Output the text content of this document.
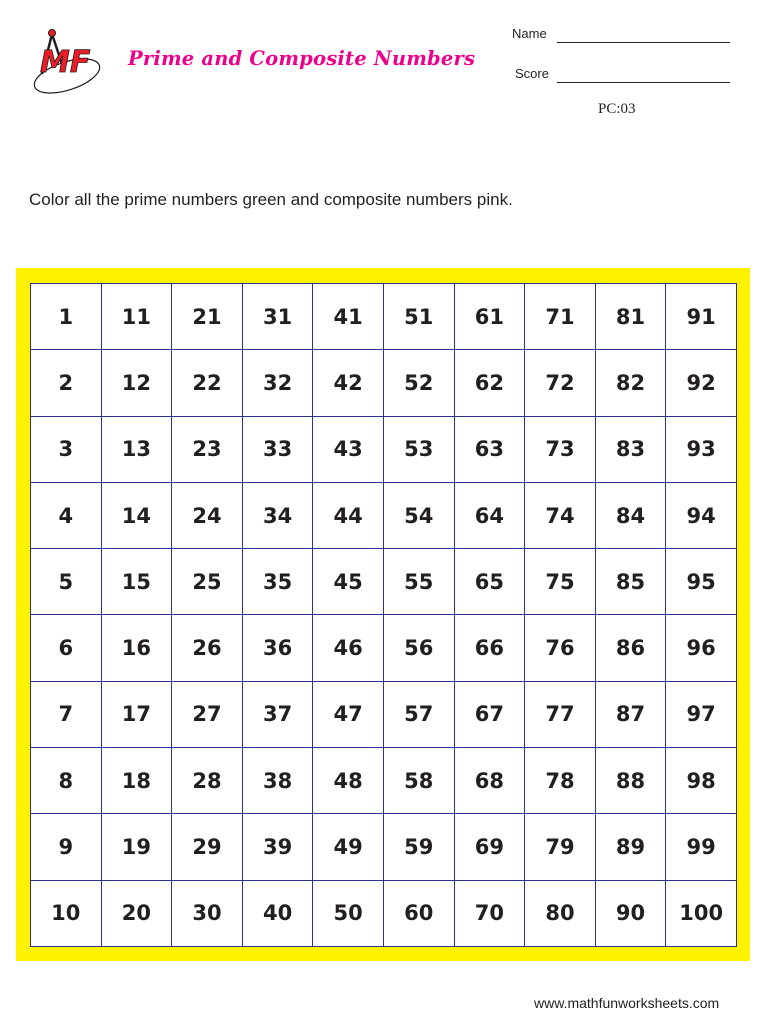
MF Prime and Composite Numbers
Name
Score
PC:03
Color all the prime numbers green and composite numbers pink.
1	11	21	31	41	51	61	71	81	91
2	12	22	32	42	52	62	72	82	92
3	13	23	33	43	53	63	73	83	93
4	14	24	34	44	54	64	74	84	94
5	15	25	35	45	55	65	75	85	95
6	16	26	36	46	56	66	76	86	96
7	17	27	37	47	57	67	77	87	97
8	18	28	38	48	58	68	78	88	98
9	19	29	39	49	59	69	79	89	99
10	20	30	40	50	60	70	80	90	100
www.mathfunworksheets.com
